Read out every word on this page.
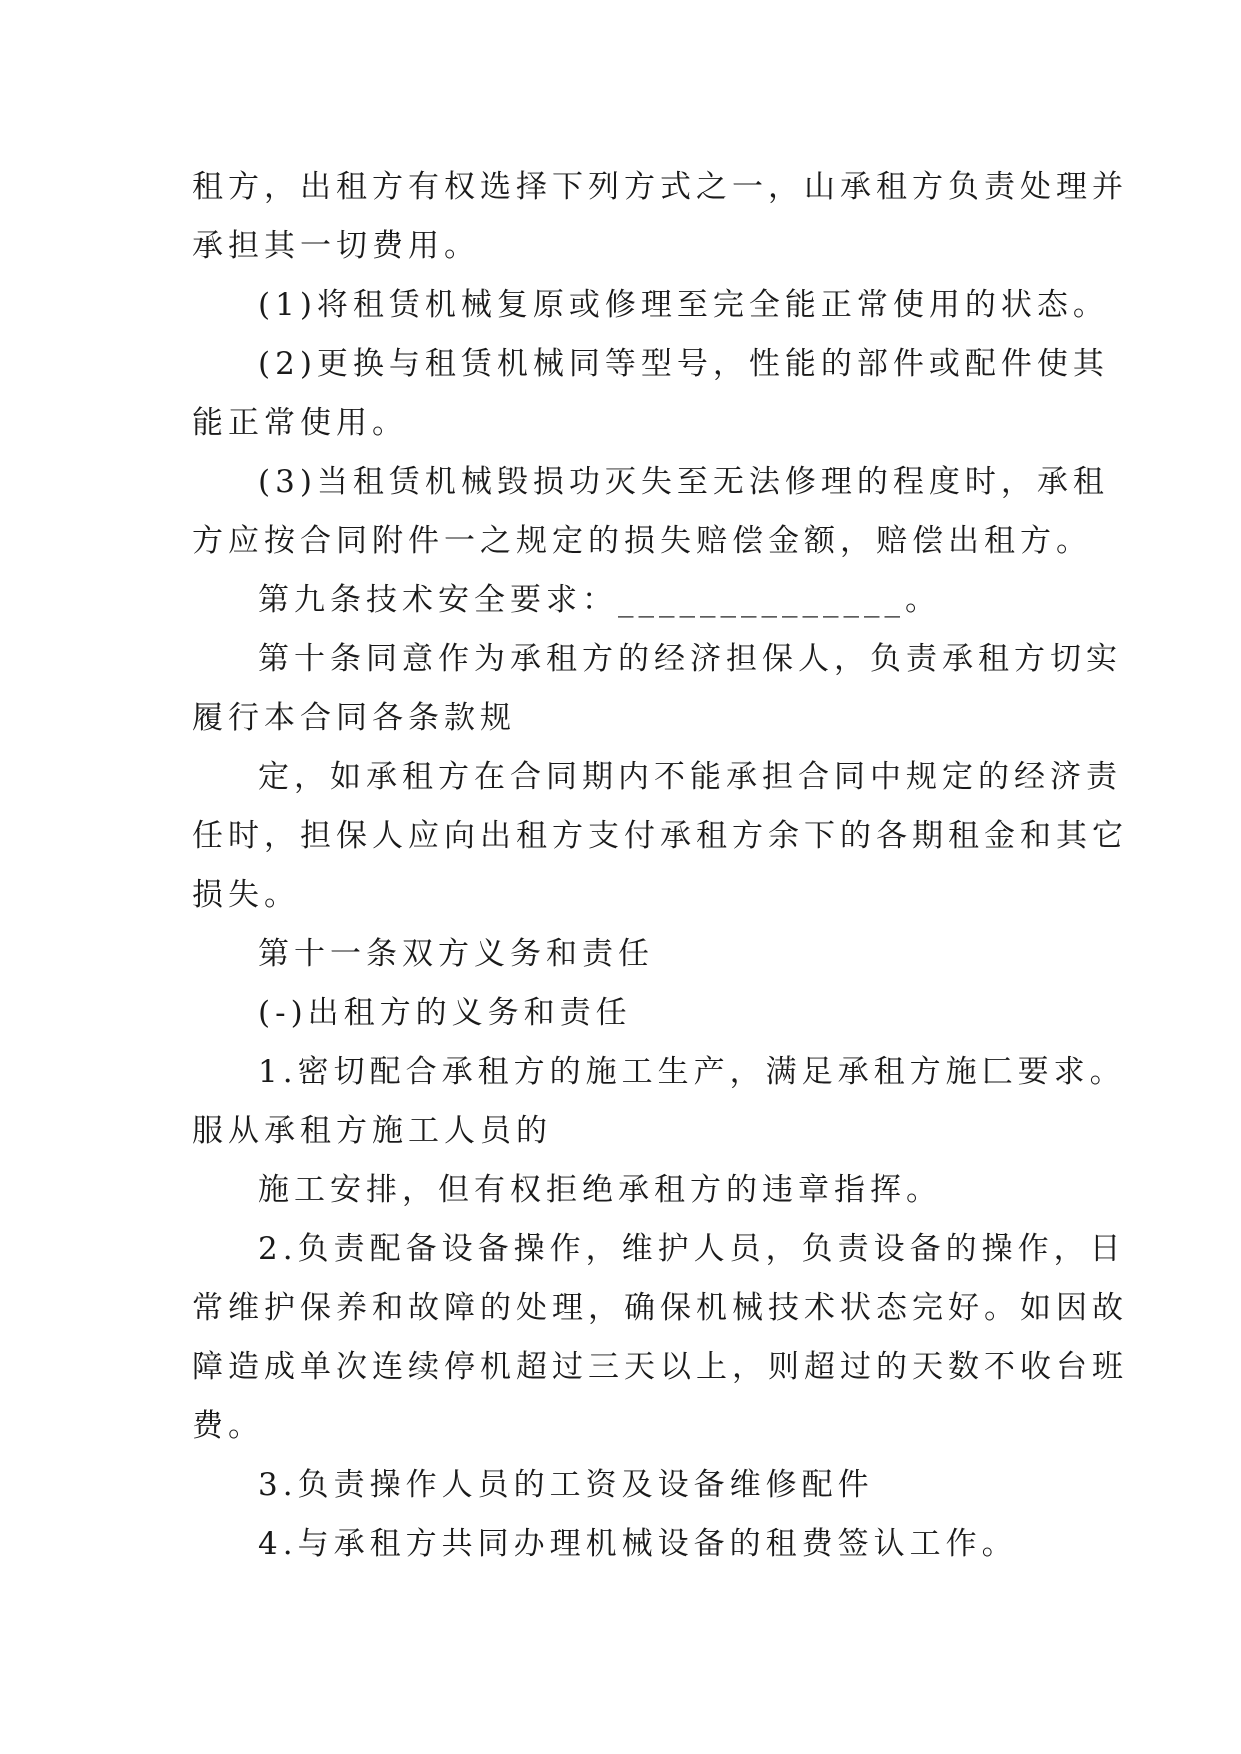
租方，出租方有权选择下列方式之一，山承租方负责处理并
承担其一切费用。
(1)将租赁机械复原或修理至完全能正常使用的状态。
(2)更换与租赁机械同等型号，性能的部件或配件使其
能正常使用。
(3)当租赁机械毁损功灭失至无法修理的程度时，承租
方应按合同附件一之规定的损失赔偿金额，赔偿出租方。
第九条技术安全要求：______________。
第十条同意作为承租方的经济担保人，负责承租方切实
履行本合同各条款规
定，如承租方在合同期内不能承担合同中规定的经济责
任时，担保人应向出租方支付承租方余下的各期租金和其它
损失。
第十一条双方义务和责任
(-)出租方的义务和责任
1.密切配合承租方的施工生产，满足承租方施匚要求。
服从承租方施工人员的
施工安排，但有权拒绝承租方的违章指挥。
2.负责配备设备操作，维护人员，负责设备的操作，日
常维护保养和故障的处理，确保机械技术状态完好。如因故
障造成单次连续停机超过三天以上，则超过的天数不收台班
费。
3.负责操作人员的工资及设备维修配件
4.与承租方共同办理机械设备的租费签认工作。
